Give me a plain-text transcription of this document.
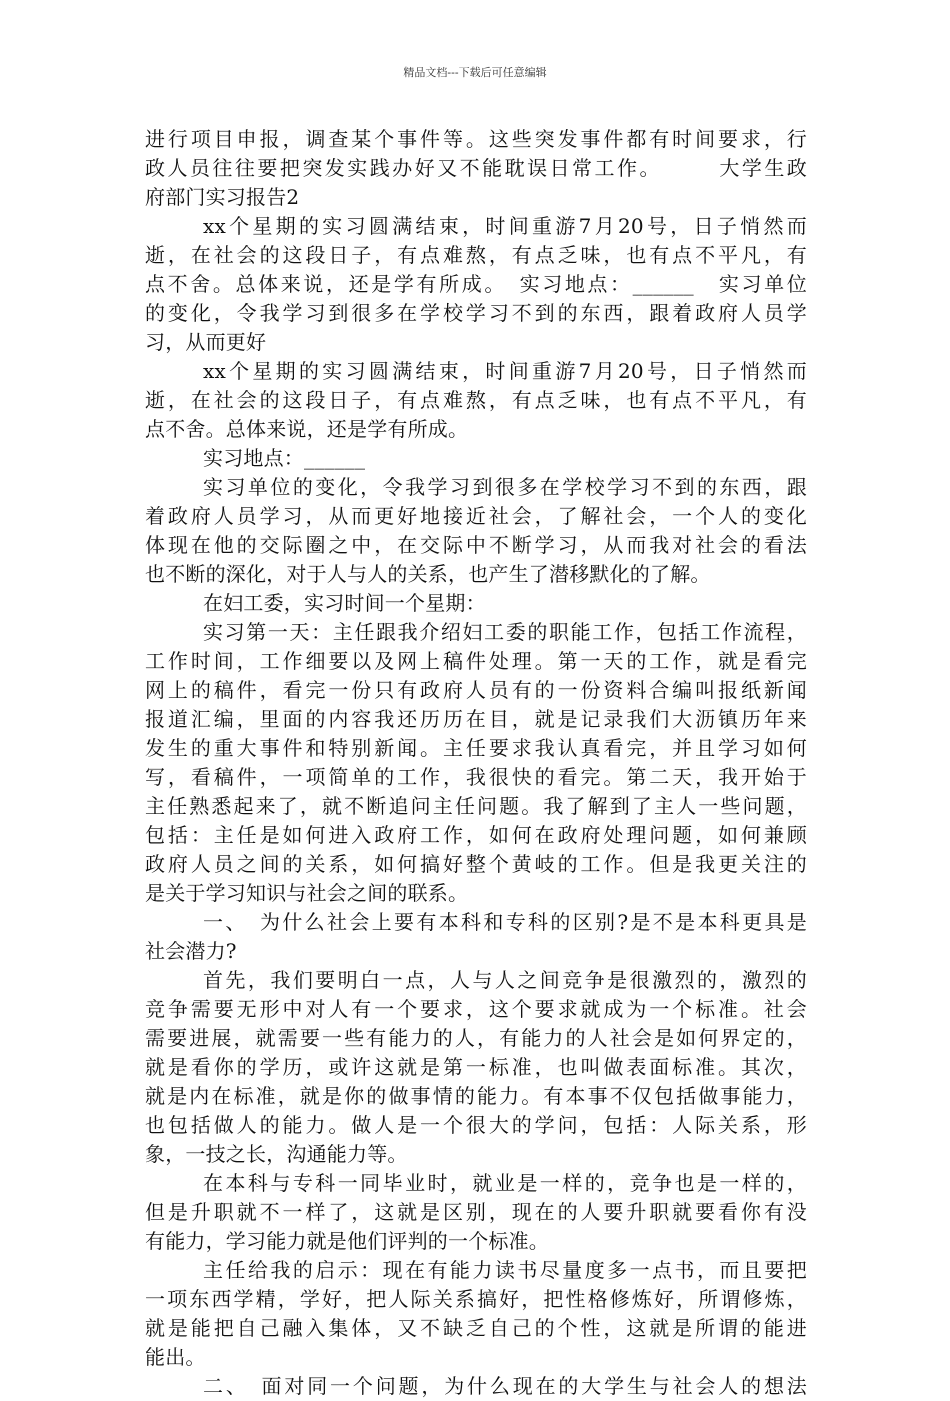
精品文档---下载后可任意编辑
进行项目申报，调查某个事件等。这些突发事件都有时间要求，行
政人员往往要把突发实践办好又不能耽误日常工作。　　　大学生政
府部门实习报告2
xx个星期的实习圆满结束，时间重游7月20号，日子悄然而
逝，在社会的这段日子，有点难熬，有点乏味，也有点不平凡，有
点不舍。总体来说，还是学有所成。　实习地点：______　实习单位
的变化，令我学习到很多在学校学习不到的东西，跟着政府人员学
习，从而更好
xx个星期的实习圆满结束，时间重游7月20号，日子悄然而
逝，在社会的这段日子，有点难熬，有点乏味，也有点不平凡，有
点不舍。总体来说，还是学有所成。
实习地点：______
实习单位的变化，令我学习到很多在学校学习不到的东西，跟
着政府人员学习，从而更好地接近社会，了解社会，一个人的变化
体现在他的交际圈之中，在交际中不断学习，从而我对社会的看法
也不断的深化，对于人与人的关系，也产生了潜移默化的了解。
在妇工委，实习时间一个星期：
实习第一天：主任跟我介绍妇工委的职能工作，包括工作流程，
工作时间，工作细要以及网上稿件处理。第一天的工作，就是看完
网上的稿件，看完一份只有政府人员有的一份资料合编叫报纸新闻
报道汇编，里面的内容我还历历在目，就是记录我们大沥镇历年来
发生的重大事件和特别新闻。主任要求我认真看完，并且学习如何
写，看稿件，一项简单的工作，我很快的看完。第二天，我开始于
主任熟悉起来了，就不断追问主任问题。我了解到了主人一些问题，
包括：主任是如何进入政府工作，如何在政府处理问题，如何兼顾
政府人员之间的关系，如何搞好整个黄岐的工作。但是我更关注的
是关于学习知识与社会之间的联系。
一、　为什么社会上要有本科和专科的区别?是不是本科更具是
社会潜力?
首先，我们要明白一点，人与人之间竞争是很激烈的，激烈的
竞争需要无形中对人有一个要求，这个要求就成为一个标准。社会
需要进展，就需要一些有能力的人，有能力的人社会是如何界定的，
就是看你的学历，或许这就是第一标准，也叫做表面标准。其次，
就是内在标准，就是你的做事情的能力。有本事不仅包括做事能力，
也包括做人的能力。做人是一个很大的学问，包括：人际关系，形
象，一技之长，沟通能力等。
在本科与专科一同毕业时，就业是一样的，竞争也是一样的，
但是升职就不一样了，这就是区别，现在的人要升职就要看你有没
有能力，学习能力就是他们评判的一个标准。
主任给我的启示：现在有能力读书尽量度多一点书，而且要把
一项东西学精，学好，把人际关系搞好，把性格修炼好，所谓修炼，
就是能把自己融入集体，又不缺乏自己的个性，这就是所谓的能进
能出。
二、　面对同一个问题，为什么现在的大学生与社会人的想法
